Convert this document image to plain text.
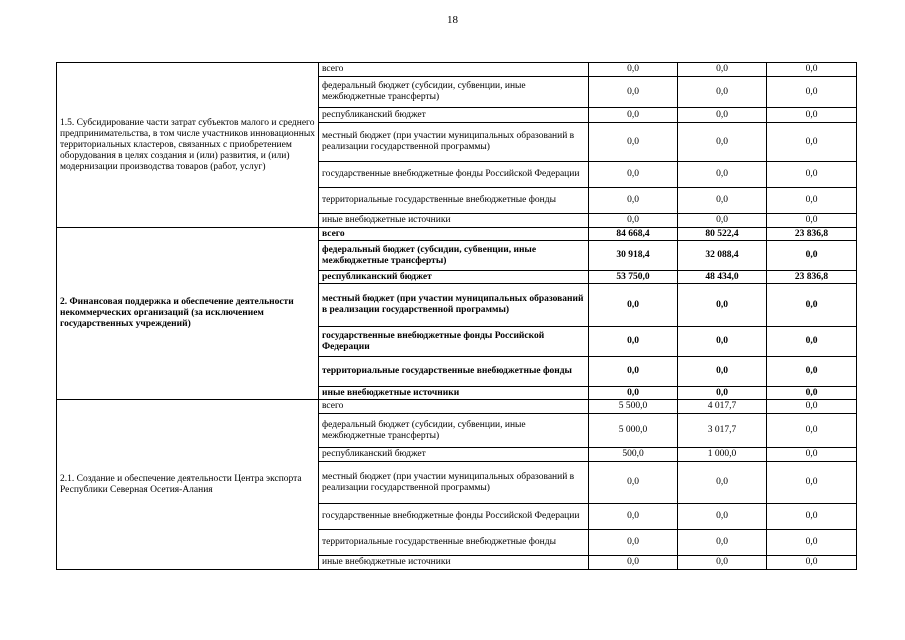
18
1.5. Субсидирование части затрат субъектов малого и среднего предпринимательства, в том числе участников инновационных территориальных кластеров, связанных с приобретением оборудования в целях создания и (или) развития, и (или) модернизации производства товаров (работ, услуг)	всего	0,0	0,0	0,0
	федеральный бюджет (субсидии, субвенции, иные межбюджетные трансферты)	0,0	0,0	0,0
	республиканский бюджет	0,0	0,0	0,0
	местный бюджет (при участии муниципальных образований в реализации государственной программы)	0,0	0,0	0,0
	государственные внебюджетные фонды Российской Федерации	0,0	0,0	0,0
	территориальные государственные внебюджетные фонды	0,0	0,0	0,0
	иные внебюджетные источники	0,0	0,0	0,0
2. Финансовая поддержка и обеспечение деятельности некоммерческих организаций (за исключением государственных учреждений)	всего	84 668,4	80 522,4	23 836,8
	федеральный бюджет (субсидии, субвенции, иные межбюджетные трансферты)	30 918,4	32 088,4	0,0
	республиканский бюджет	53 750,0	48 434,0	23 836,8
	местный бюджет (при участии муниципальных образований в реализации государственной программы)	0,0	0,0	0,0
	государственные внебюджетные фонды Российской Федерации	0,0	0,0	0,0
	территориальные государственные внебюджетные фонды	0,0	0,0	0,0
	иные внебюджетные источники	0,0	0,0	0,0
2.1. Создание и обеспечение деятельности Центра экспорта Республики Северная Осетия-Алания	всего	5 500,0	4 017,7	0,0
	федеральный бюджет (субсидии, субвенции, иные межбюджетные трансферты)	5 000,0	3 017,7	0,0
	республиканский бюджет	500,0	1 000,0	0,0
	местный бюджет (при участии муниципальных образований в реализации государственной программы)	0,0	0,0	0,0
	государственные внебюджетные фонды Российской Федерации	0,0	0,0	0,0
	территориальные государственные внебюджетные фонды	0,0	0,0	0,0
	иные внебюджетные источники	0,0	0,0	0,0
